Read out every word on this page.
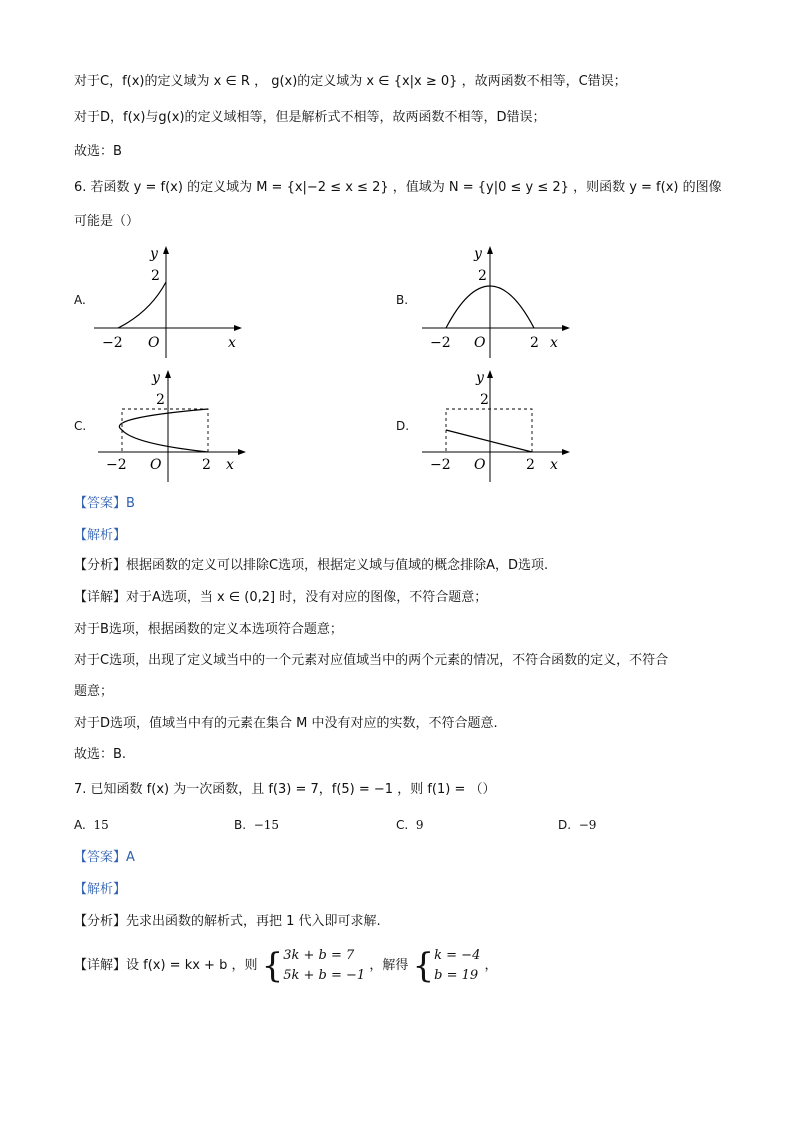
对于C，f(x)的定义域为 x ∈ R ， g(x)的定义域为 x ∈ {x|x ≥ 0} ，故两函数不相等，C错误；
对于D，f(x)与g(x)的定义域相等，但是解析式不相等，故两函数不相等，D错误；
故选：B
6. 若函数 y = f(x) 的定义域为 M = {x|−2 ≤ x ≤ 2} ，值域为 N = {y|0 ≤ y ≤ 2} ，则函数 y = f(x) 的图像
可能是（）
A.
y
2
O
−2	x
B.
y
2
O
−2	2 x
C.
y
2
O
−2	2 x
D.
y
2
O
−2	2 x
【答案】B
【解析】
【分析】根据函数的定义可以排除C选项，根据定义域与值域的概念排除A，D选项.
【详解】对于A选项，当 x ∈ (0,2] 时，没有对应的图像，不符合题意；
对于B选项，根据函数的定义本选项符合题意；
对于C选项，出现了定义域当中的一个元素对应值域当中的两个元素的情况，不符合函数的定义，不符合
题意；
对于D选项，值域当中有的元素在集合 M 中没有对应的实数，不符合题意.
故选：B.
7. 已知函数 f(x) 为一次函数，且 f(3) = 7，f(5) = −1 ，则 f(1) = （）
A. 15	B. −15	C. 9	D. −9
【答案】A
【解析】
【分析】先求出函数的解析式，再把 1 代入即可求解.
【详解】设 f(x) = kx + b ，则 {3k + b = 7
5k + b = −1 ，解得 {k = −4
b = 19 ，
